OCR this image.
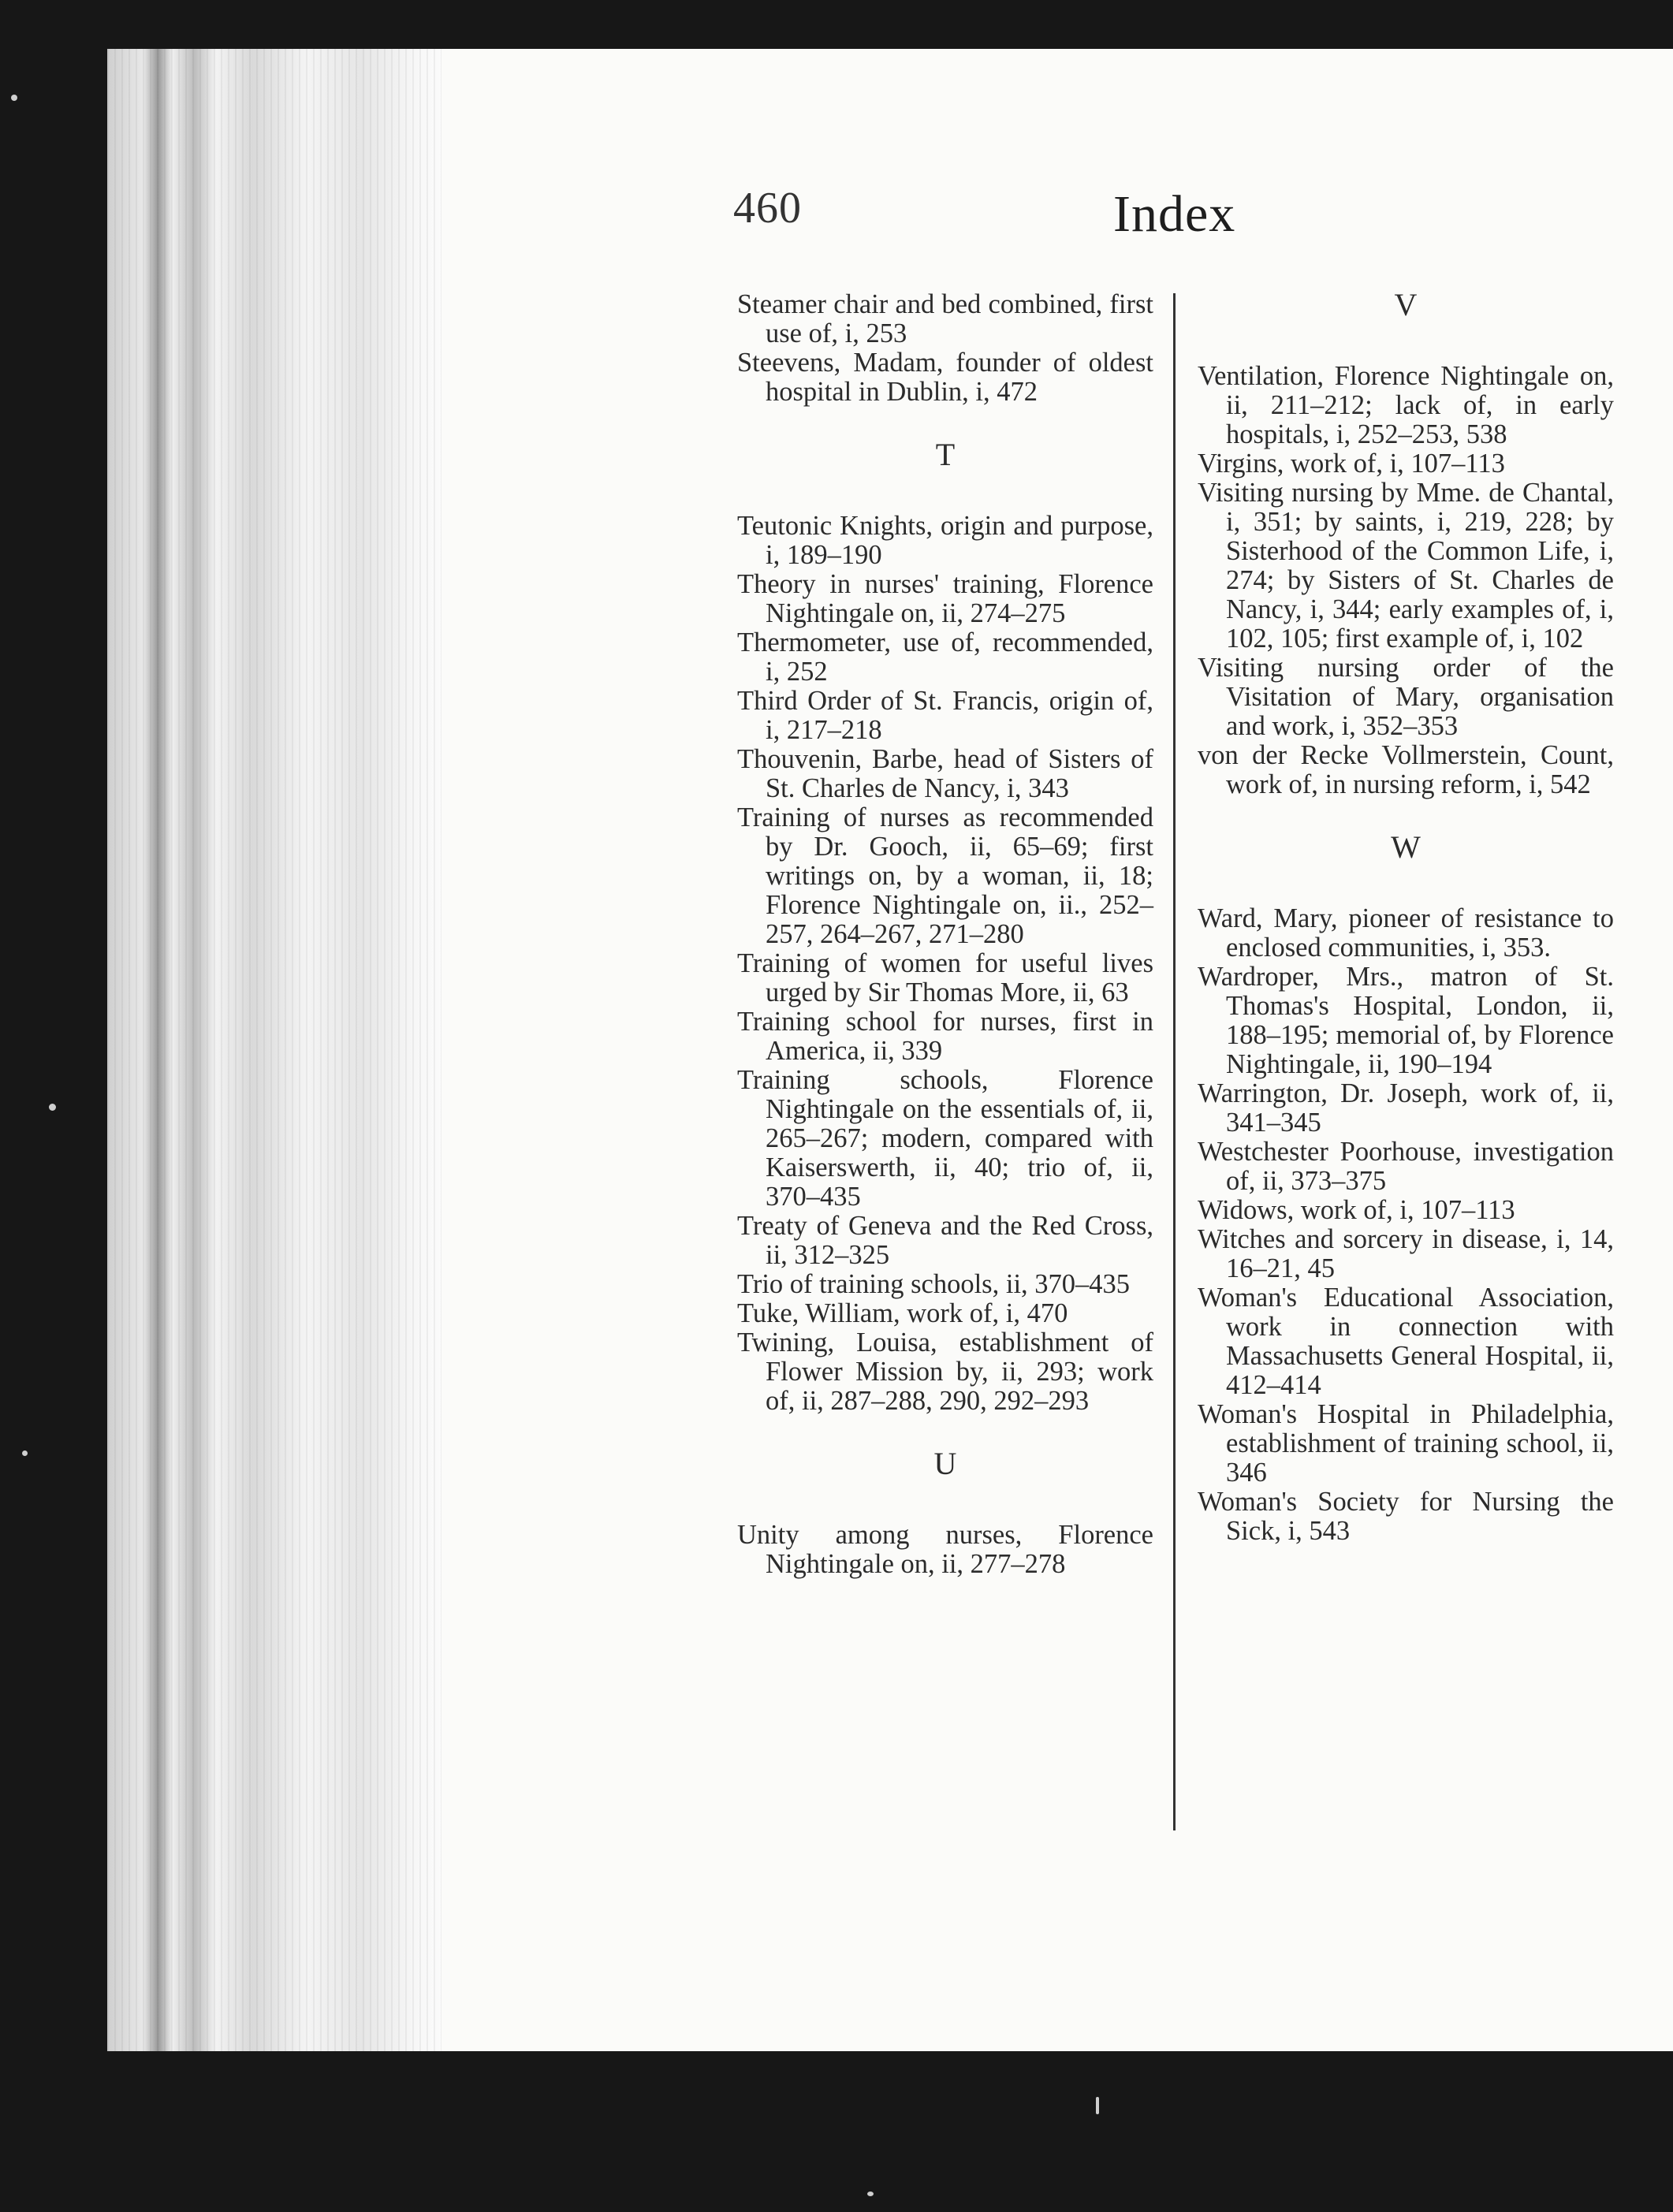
460	Index

Steamer chair and bed combined, first use of, i, 253

Steevens, Madam, founder of oldest hospital in Dublin, i, 472

T

Teutonic Knights, origin and purpose, i, 189–190

Theory in nurses' training, Florence Nightingale on, ii, 274–275

Thermometer, use of, recommended, i, 252

Third Order of St. Francis, origin of, i, 217–218

Thouvenin, Barbe, head of Sisters of St. Charles de Nancy, i, 343

Training of nurses as recommended by Dr. Gooch, ii, 65–69; first writings on, by a woman, ii, 18; Florence Nightingale on, ii., 252–257, 264–267, 271–280

Training of women for useful lives urged by Sir Thomas More, ii, 63

Training school for nurses, first in America, ii, 339

Training schools, Florence Nightingale on the essentials of, ii, 265–267; modern, compared with Kaiserswerth, ii, 40; trio of, ii, 370–435

Treaty of Geneva and the Red Cross, ii, 312–325

Trio of training schools, ii, 370–435

Tuke, William, work of, i, 470

Twining, Louisa, establishment of Flower Mission by, ii, 293; work of, ii, 287–288, 290, 292–293

U

Unity among nurses, Florence Nightingale on, ii, 277–278

V

Ventilation, Florence Nightingale on, ii, 211–212; lack of, in early hospitals, i, 252–253, 538

Virgins, work of, i, 107–113

Visiting nursing by Mme. de Chantal, i, 351; by saints, i, 219, 228; by Sisterhood of the Common Life, i, 274; by Sisters of St. Charles de Nancy, i, 344; early examples of, i, 102, 105; first example of, i, 102

Visiting nursing order of the Visitation of Mary, organisation and work, i, 352–353

von der Recke Vollmerstein, Count, work of, in nursing reform, i, 542

W

Ward, Mary, pioneer of resistance to enclosed communities, i, 353.

Wardroper, Mrs., matron of St. Thomas's Hospital, London, ii, 188–195; memorial of, by Florence Nightingale, ii, 190–194

Warrington, Dr. Joseph, work of, ii, 341–345

Westchester Poorhouse, investigation of, ii, 373–375

Widows, work of, i, 107–113

Witches and sorcery in disease, i, 14, 16–21, 45

Woman's Educational Association, work in connection with Massachusetts General Hospital, ii, 412–414

Woman's Hospital in Philadelphia, establishment of training school, ii, 346

Woman's Society for Nursing the Sick, i, 543
